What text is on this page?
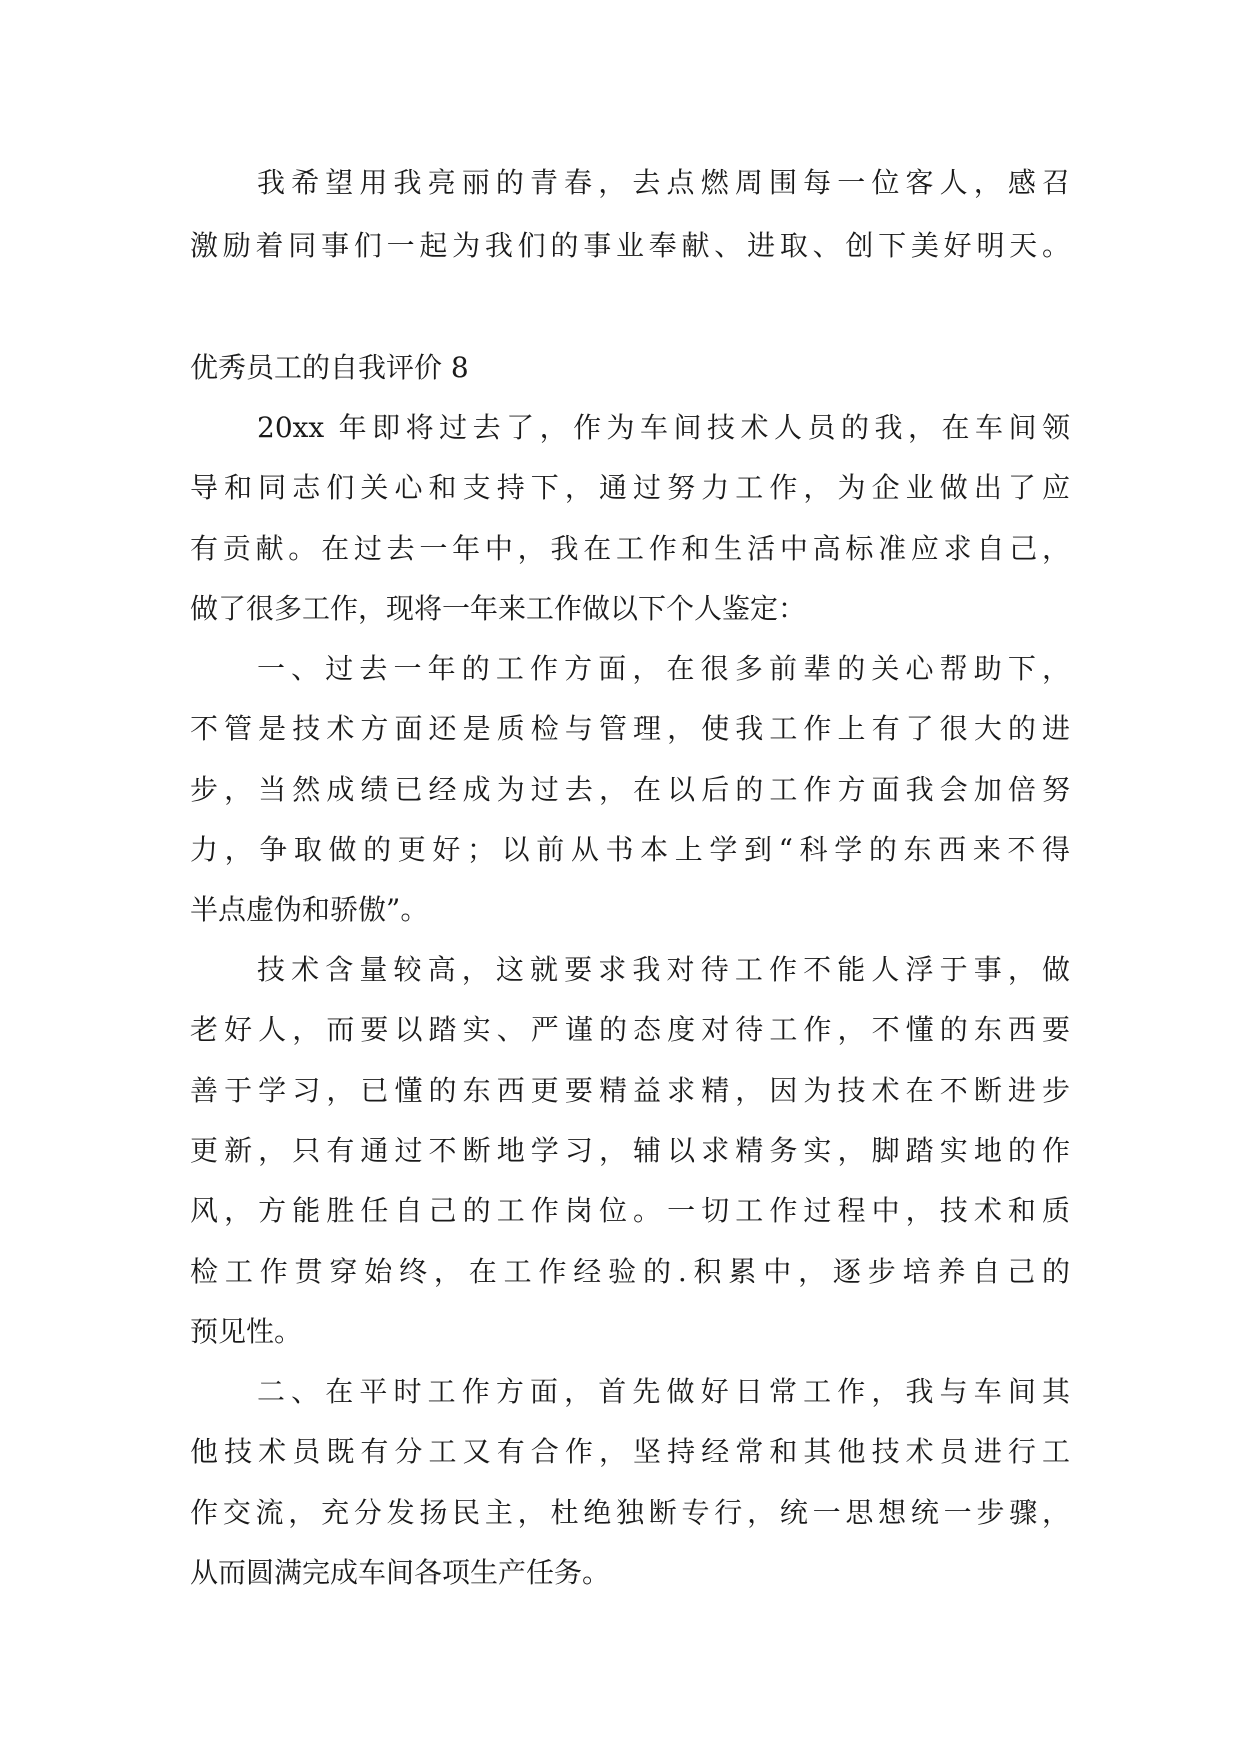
我希望用我亮丽的青春，去点燃周围每一位客人，感召

激励着同事们一起为我们的事业奉献、进取、创下美好明天。

优秀员工的自我评价 8

20xx 年即将过去了，作为车间技术人员的我，在车间领

导和同志们关心和支持下，通过努力工作，为企业做出了应

有贡献。在过去一年中，我在工作和生活中高标准应求自己，

做了很多工作，现将一年来工作做以下个人鉴定：

一、过去一年的工作方面，在很多前辈的关心帮助下，

不管是技术方面还是质检与管理，使我工作上有了很大的进

步，当然成绩已经成为过去，在以后的工作方面我会加倍努

力，争取做的更好；以前从书本上学到“科学的东西来不得

半点虚伪和骄傲”。

技术含量较高，这就要求我对待工作不能人浮于事，做

老好人，而要以踏实、严谨的态度对待工作，不懂的东西要

善于学习，已懂的东西更要精益求精，因为技术在不断进步

更新，只有通过不断地学习，辅以求精务实，脚踏实地的作

风，方能胜任自己的工作岗位。一切工作过程中，技术和质

检工作贯穿始终，在工作经验的.积累中，逐步培养自己的

预见性。

二、在平时工作方面，首先做好日常工作，我与车间其

他技术员既有分工又有合作，坚持经常和其他技术员进行工

作交流，充分发扬民主，杜绝独断专行，统一思想统一步骤，

从而圆满完成车间各项生产任务。
